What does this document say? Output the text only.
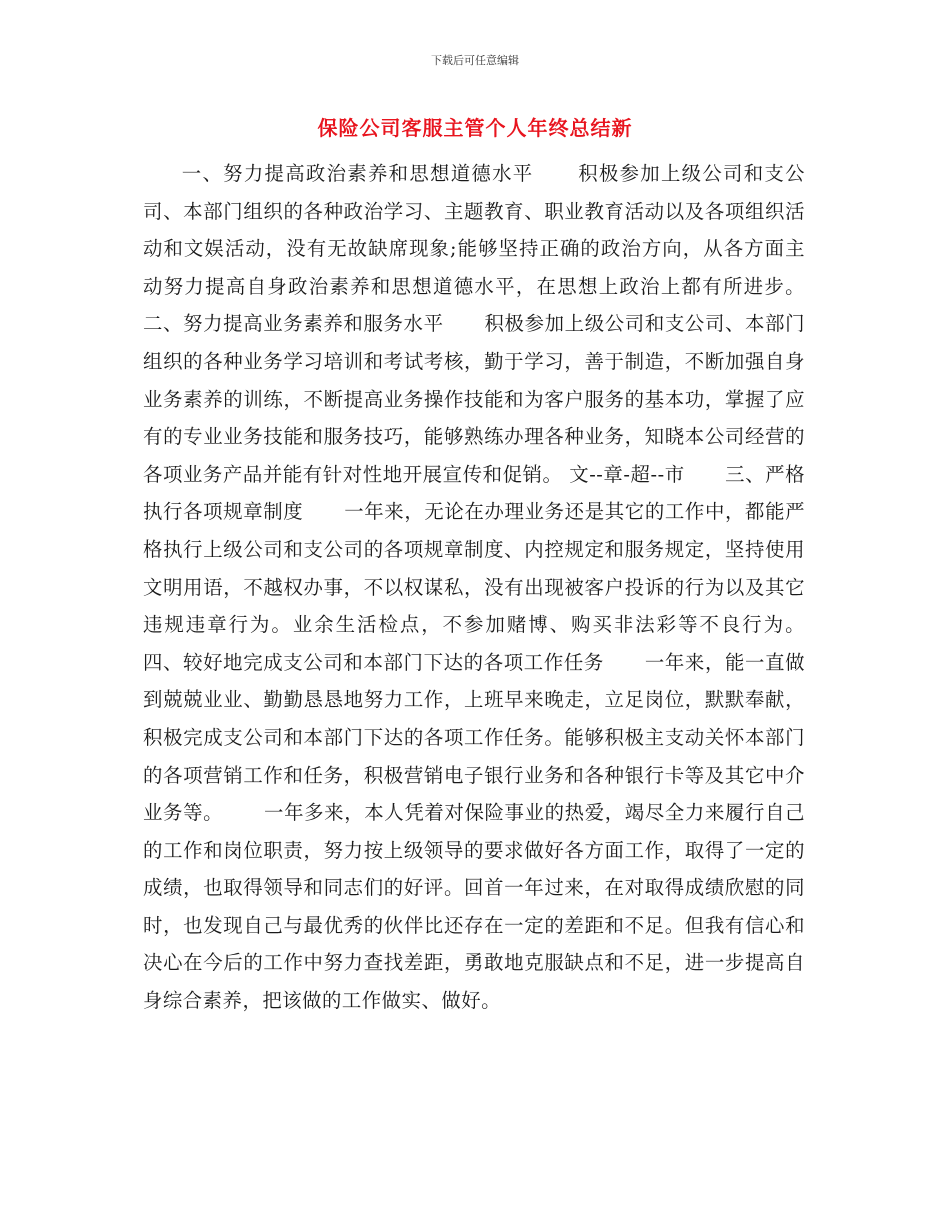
下载后可任意编辑
保险公司客服主管个人年终总结新

一、努力提高政治素养和思想道德水平      积极参加上级公司和支公司、本部门组织的各种政治学习、主题教育、职业教育活动以及各项组织活动和文娱活动，没有无故缺席现象;能够坚持正确的政治方向，从各方面主动努力提高自身政治素养和思想道德水平，在思想上政治上都有所进步。      二、努力提高业务素养和服务水平      积极参加上级公司和支公司、本部门组织的各种业务学习培训和考试考核，勤于学习，善于制造，不断加强自身业务素养的训练，不断提高业务操作技能和为客户服务的基本功，掌握了应有的专业业务技能和服务技巧，能够熟练办理各种业务，知晓本公司经营的各项业务产品并能有针对性地开展宣传和促销。 文--章-超--市      三、严格执行各项规章制度      一年来，无论在办理业务还是其它的工作中，都能严格执行上级公司和支公司的各项规章制度、内控规定和服务规定，坚持使用文明用语，不越权办事，不以权谋私，没有出现被客户投诉的行为以及其它违规违章行为。业余生活检点，不参加赌博、购买非法彩等不良行为。      四、较好地完成支公司和本部门下达的各项工作任务      一年来，能一直做到兢兢业业、勤勤恳恳地努力工作，上班早来晚走，立足岗位，默默奉献，积极完成支公司和本部门下达的各项工作任务。能够积极主支动关怀本部门的各项营销工作和任务，积极营销电子银行业务和各种银行卡等及其它中介业务等。      一年多来，本人凭着对保险事业的热爱，竭尽全力来履行自己的工作和岗位职责，努力按上级领导的要求做好各方面工作，取得了一定的成绩，也取得领导和同志们的好评。回首一年过来，在对取得成绩欣慰的同时，也发现自己与最优秀的伙伴比还存在一定的差距和不足。但我有信心和决心在今后的工作中努力查找差距，勇敢地克服缺点和不足，进一步提高自身综合素养，把该做的工作做实、做好。
